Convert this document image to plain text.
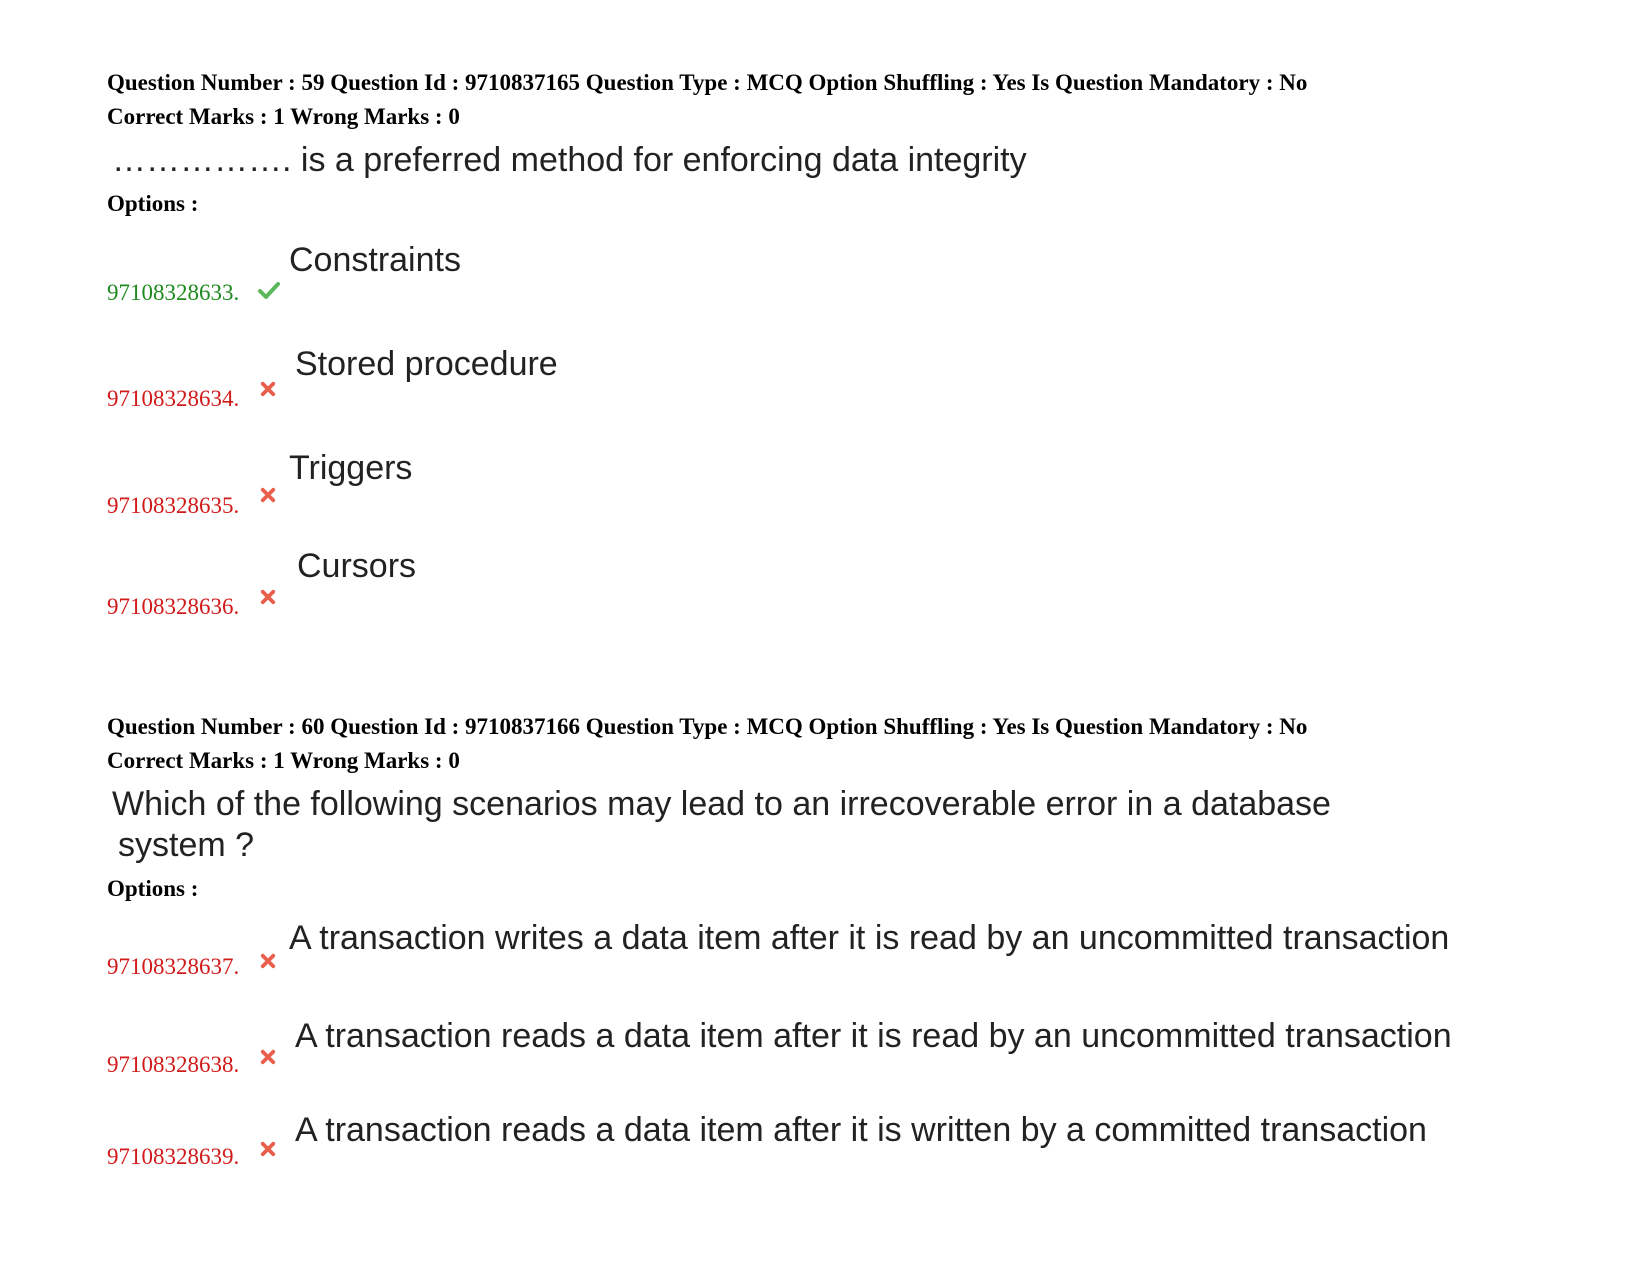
Question Number : 59 Question Id : 9710837165 Question Type : MCQ Option Shuffling : Yes Is Question Mandatory : No
Correct Marks : 1 Wrong Marks : 0
……………. is a preferred method for enforcing data integrity
Options :
97108328633.
Constraints
97108328634.
Stored procedure
97108328635.
Triggers
97108328636.
Cursors
Question Number : 60 Question Id : 9710837166 Question Type : MCQ Option Shuffling : Yes Is Question Mandatory : No
Correct Marks : 1 Wrong Marks : 0
Which of the following scenarios may lead to an irrecoverable error in a database
system ?
Options :
97108328637.
A transaction writes a data item after it is read by an uncommitted transaction
97108328638.
A transaction reads a data item after it is read by an uncommitted transaction
97108328639.
A transaction reads a data item after it is written by a committed transaction
